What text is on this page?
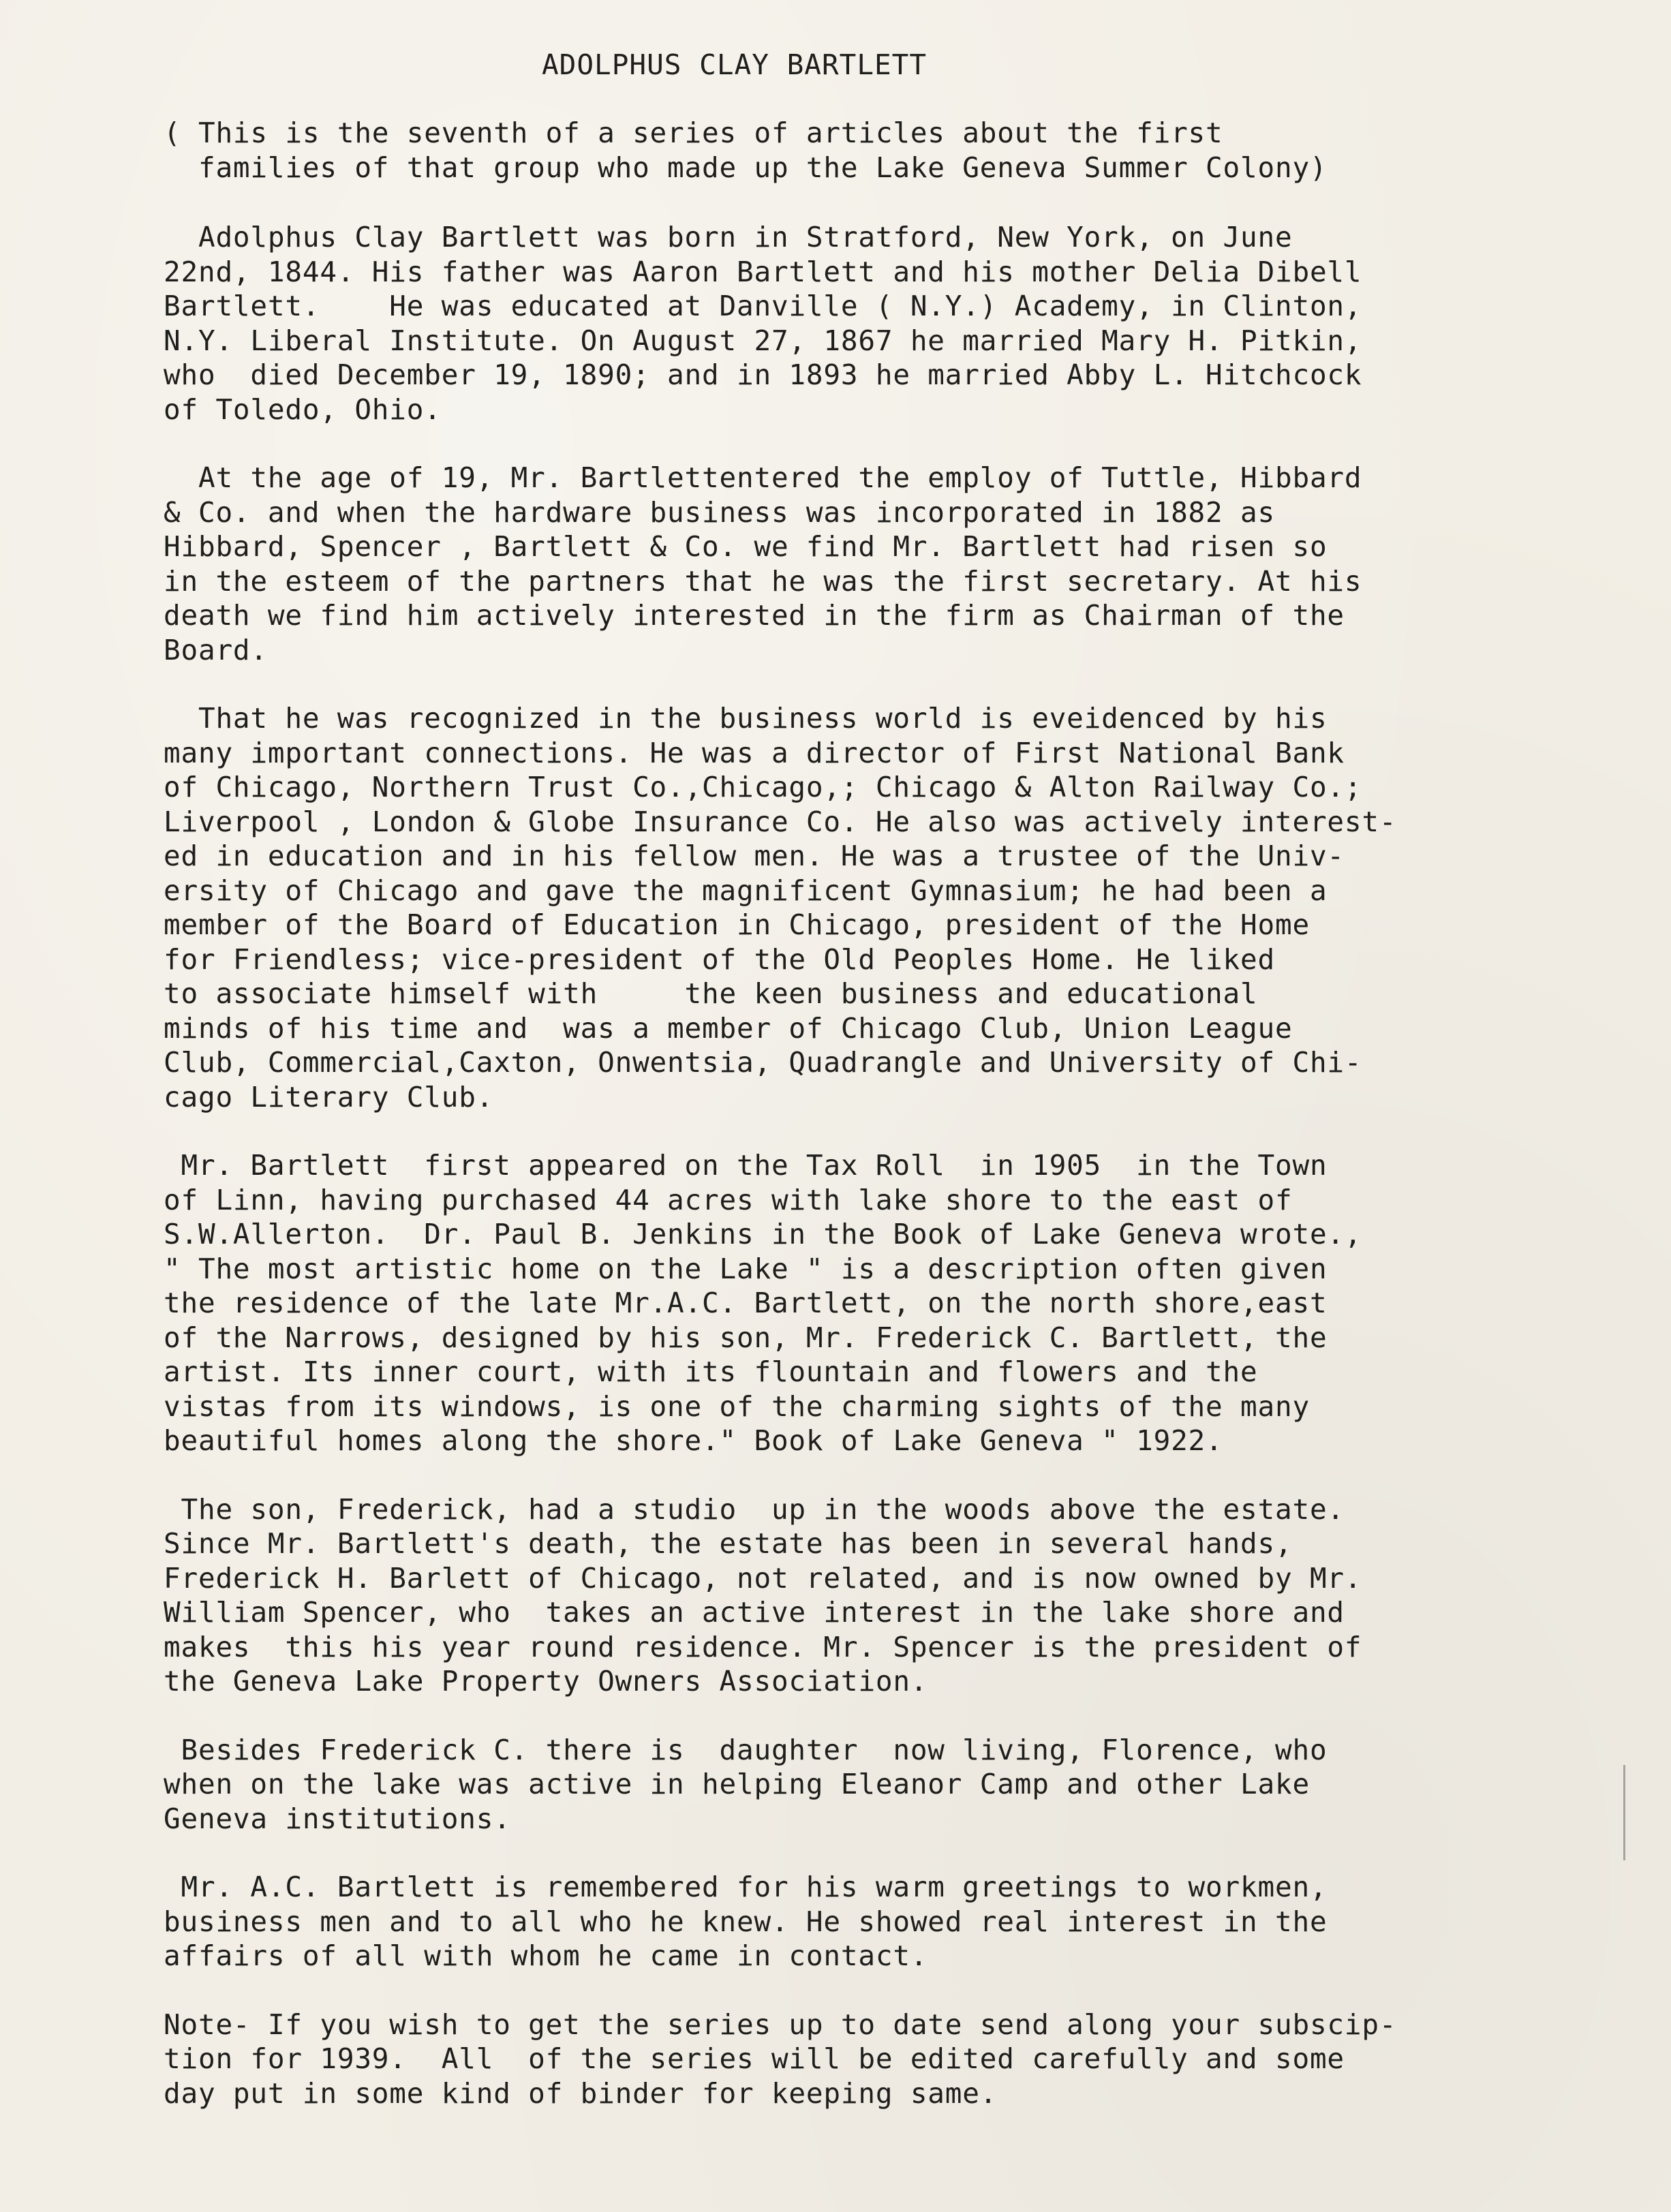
ADOLPHUS CLAY BARTLETT
( This is the seventh of a series of articles about the first
families of that group who made up the Lake Geneva Summer Colony)
Adolphus Clay Bartlett was born in Stratford, New York, on June
22nd, 1844. His father was Aaron Bartlett and his mother Delia Dibell
Bartlett.    He was educated at Danville ( N.Y.) Academy, in Clinton,
N.Y. Liberal Institute. On August 27, 1867 he married Mary H. Pitkin,
who  died December 19, 1890; and in 1893 he married Abby L. Hitchcock
of Toledo, Ohio.
At the age of 19, Mr. Bartlettentered the employ of Tuttle, Hibbard
& Co. and when the hardware business was incorporated in 1882 as
Hibbard, Spencer , Bartlett & Co. we find Mr. Bartlett had risen so
in the esteem of the partners that he was the first secretary. At his
death we find him actively interested in the firm as Chairman of the
Board.
That he was recognized in the business world is eveidenced by his
many important connections. He was a director of First National Bank
of Chicago, Northern Trust Co.,Chicago,; Chicago & Alton Railway Co.;
Liverpool , London & Globe Insurance Co. He also was actively interest-
ed in education and in his fellow men. He was a trustee of the Univ-
ersity of Chicago and gave the magnificent Gymnasium; he had been a
member of the Board of Education in Chicago, president of the Home
for Friendless; vice-president of the Old Peoples Home. He liked
to associate himself with     the keen business and educational
minds of his time and  was a member of Chicago Club, Union League
Club, Commercial,Caxton, Onwentsia, Quadrangle and University of Chi-
cago Literary Club.
Mr. Bartlett  first appeared on the Tax Roll  in 1905  in the Town
of Linn, having purchased 44 acres with lake shore to the east of
S.W.Allerton.  Dr. Paul B. Jenkins in the Book of Lake Geneva wrote.,
" The most artistic home on the Lake " is a description often given
the residence of the late Mr.A.C. Bartlett, on the north shore,east
of the Narrows, designed by his son, Mr. Frederick C. Bartlett, the
artist. Its inner court, with its flountain and flowers and the
vistas from its windows, is one of the charming sights of the many
beautiful homes along the shore." Book of Lake Geneva " 1922.
The son, Frederick, had a studio  up in the woods above the estate.
Since Mr. Bartlett's death, the estate has been in several hands,
Frederick H. Barlett of Chicago, not related, and is now owned by Mr.
William Spencer, who  takes an active interest in the lake shore and
makes  this his year round residence. Mr. Spencer is the president of
the Geneva Lake Property Owners Association.
Besides Frederick C. there is  daughter  now living, Florence, who
when on the lake was active in helping Eleanor Camp and other Lake
Geneva institutions.
Mr. A.C. Bartlett is remembered for his warm greetings to workmen,
business men and to all who he knew. He showed real interest in the
affairs of all with whom he came in contact.
Note- If you wish to get the series up to date send along your subscip-
tion for 1939.  All  of the series will be edited carefully and some
day put in some kind of binder for keeping same.
